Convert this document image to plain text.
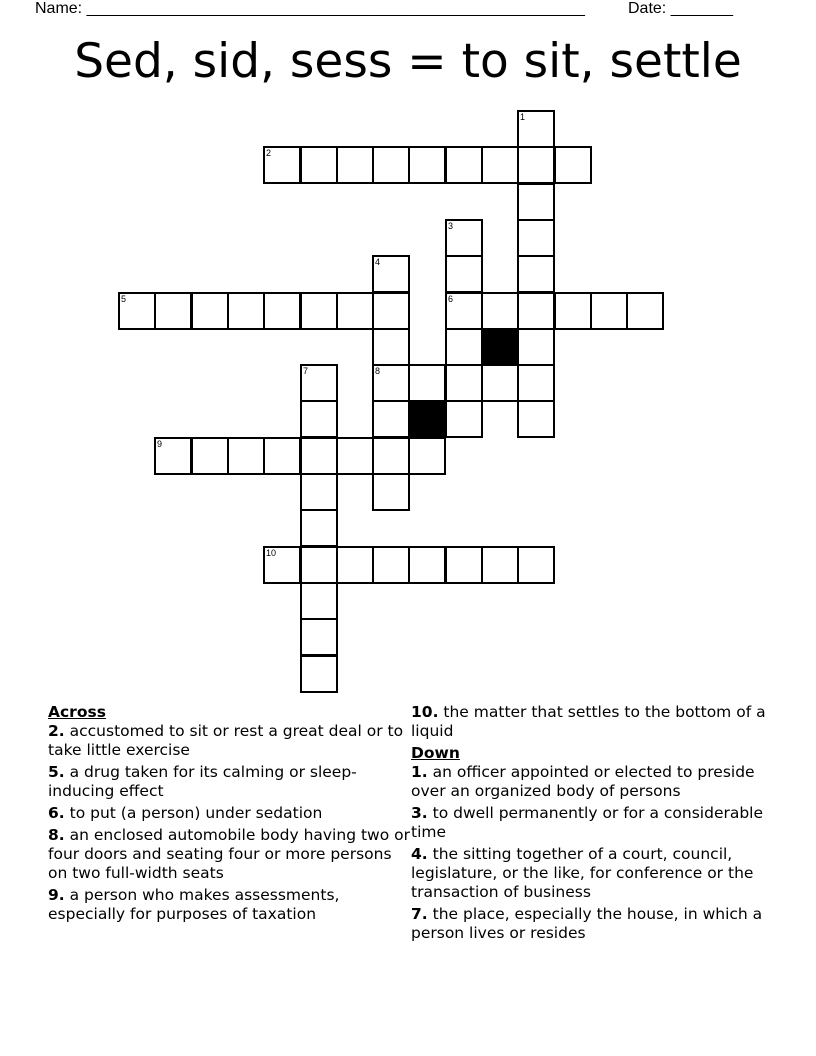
Name: ________________________________________________________	Date: _______
Sed, sid, sess = to sit, settle
1
2
3
6
4
8
5
7
9
10
Across
2. accustomed to sit or rest a great deal or to take little exercise
5. a drug taken for its calming or sleep-inducing effect
6. to put (a person) under sedation
8. an enclosed automobile body having two or four doors and seating four or more persons on two full-width seats
9. a person who makes assessments, especially for purposes of taxation
10. the matter that settles to the bottom of a liquid
Down
1. an officer appointed or elected to preside over an organized body of persons
3. to dwell permanently or for a considerable time
4. the sitting together of a court, council, legislature, or the like, for conference or the transaction of business
7. the place, especially the house, in which a person lives or resides
